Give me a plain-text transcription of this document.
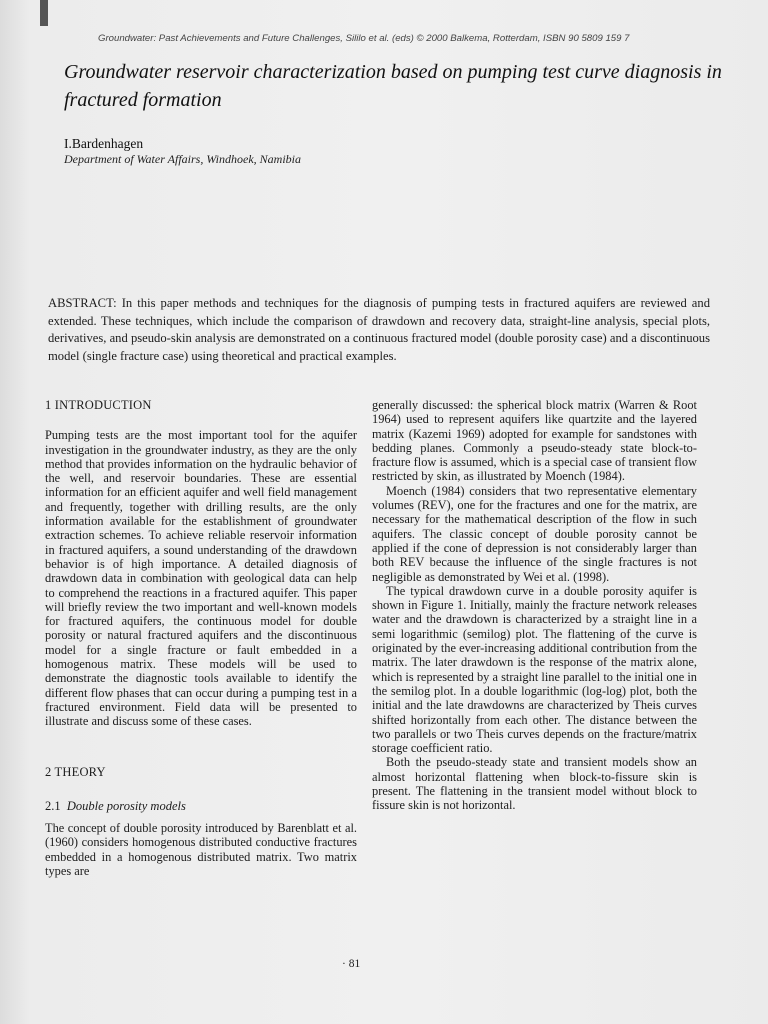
Groundwater: Past Achievements and Future Challenges, Sililo et al. (eds) © 2000 Balkema, Rotterdam, ISBN 90 5809 159 7
Groundwater reservoir characterization based on pumping test curve diagnosis in fractured formation
I.Bardenhagen
Department of Water Affairs, Windhoek, Namibia

ABSTRACT: In this paper methods and techniques for the diagnosis of pumping tests in fractured aquifers are reviewed and extended. These techniques, which include the comparison of drawdown and recovery data, straight-line analysis, special plots, derivatives, and pseudo-skin analysis are demonstrated on a continuous fractured model (double porosity case) and a discontinuous model (single fracture case) using theoretical and practical examples.

1 INTRODUCTION

Pumping tests are the most important tool for the aquifer investigation in the groundwater industry, as they are the only method that provides information on the hydraulic behavior of the well, and reservoir boundaries. These are essential information for an efficient aquifer and well field management and frequently, together with drilling results, are the only information available for the establishment of groundwater extraction schemes. To achieve reliable reservoir information in fractured aquifers, a sound understanding of the drawdown behavior is of high importance. A detailed diagnosis of drawdown data in combination with geological data can help to comprehend the reactions in a fractured aquifer. This paper will briefly review the two important and well-known models for fractured aquifers, the continuous model for double porosity or natural fractured aquifers and the discontinuous model for a single fracture or fault embedded in a homogenous matrix. These models will be used to demonstrate the diagnostic tools available to identify the different flow phases that can occur during a pumping test in a fractured environment. Field data will be presented to illustrate and discuss some of these cases.

2 THEORY
2.1 Double porosity models

The concept of double porosity introduced by Barenblatt et al. (1960) considers homogenous distributed conductive fractures embedded in a homogenous distributed matrix. Two matrix types are

generally discussed: the spherical block matrix (Warren & Root 1964) used to represent aquifers like quartzite and the layered matrix (Kazemi 1969) adopted for example for sandstones with bedding planes. Commonly a pseudo-steady state block-to-fracture flow is assumed, which is a special case of transient flow restricted by skin, as illustrated by Moench (1984).

Moench (1984) considers that two representative elementary volumes (REV), one for the fractures and one for the matrix, are necessary for the mathematical description of the flow in such aquifers. The classic concept of double porosity cannot be applied if the cone of depression is not considerably larger than both REV because the influence of the single fractures is not negligible as demonstrated by Wei et al. (1998).

The typical drawdown curve in a double porosity aquifer is shown in Figure 1. Initially, mainly the fracture network releases water and the drawdown is characterized by a straight line in a semi logarithmic (semilog) plot. The flattening of the curve is originated by the ever-increasing additional contribution from the matrix. The later drawdown is the response of the matrix alone, which is represented by a straight line parallel to the initial one in the semilog plot. In a double logarithmic (log-log) plot, both the initial and the late drawdowns are characterized by Theis curves shifted horizontally from each other. The distance between the two parallels or two Theis curves depends on the fracture/matrix storage coefficient ratio.

Both the pseudo-steady state and transient models show an almost horizontal flattening when block-to-fissure skin is present. The flattening in the transient model without block to fissure skin is not horizontal.

· 81
